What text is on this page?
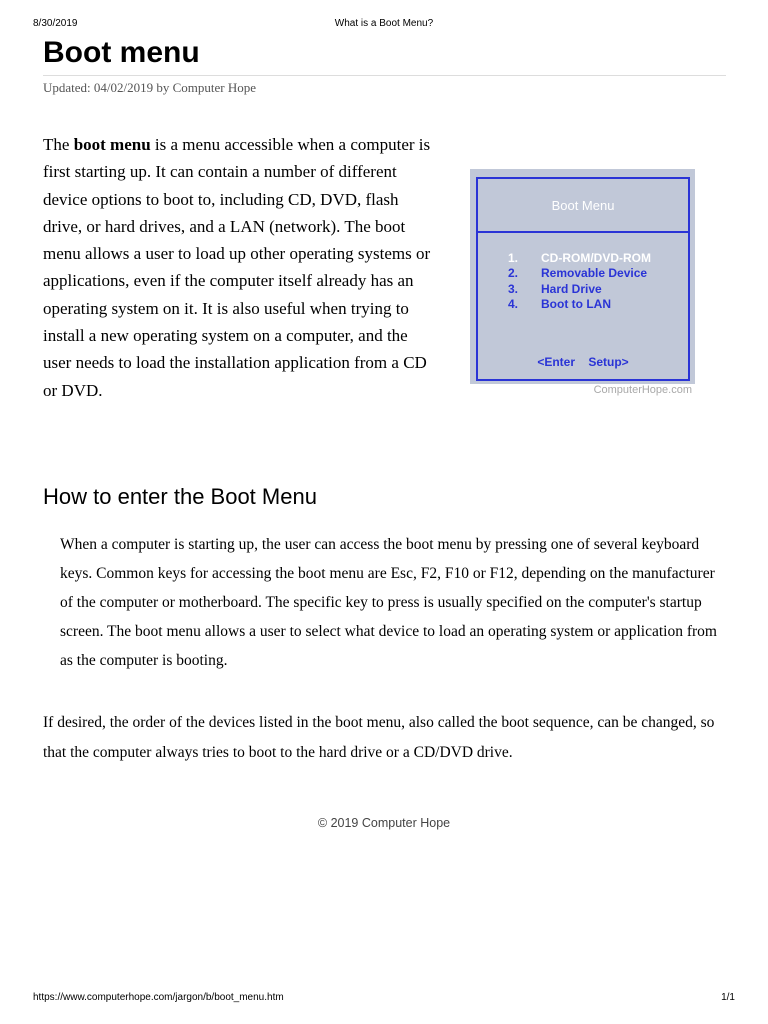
8/30/2019	What is a Boot Menu?
Boot menu
Updated: 04/02/2019 by Computer Hope

The boot menu is a menu accessible when a computer is first starting up. It can contain a number of different device options to boot to, including CD, DVD, flash drive, or hard drives, and a LAN (network). The boot menu allows a user to load up other operating systems or applications, even if the computer itself already has an operating system on it. It is also useful when trying to install a new operating system on a computer, and the user needs to load the installation application from a CD or DVD.

Boot Menu
1. CD-ROM/DVD-ROM
2. Removable Device
3. Hard Drive
4. Boot to LAN
<Enter Setup>
ComputerHope.com
How to enter the Boot Menu

When a computer is starting up, the user can access the boot menu by pressing one of several keyboard keys. Common keys for accessing the boot menu are Esc, F2, F10 or F12, depending on the manufacturer of the computer or motherboard. The specific key to press is usually specified on the computer's startup screen. The boot menu allows a user to select what device to load an operating system or application from as the computer is booting.

If desired, the order of the devices listed in the boot menu, also called the boot sequence, can be changed, so that the computer always tries to boot to the hard drive or a CD/DVD drive.

© 2019 Computer Hope
https://www.computerhope.com/jargon/b/boot_menu.htm	1/1
